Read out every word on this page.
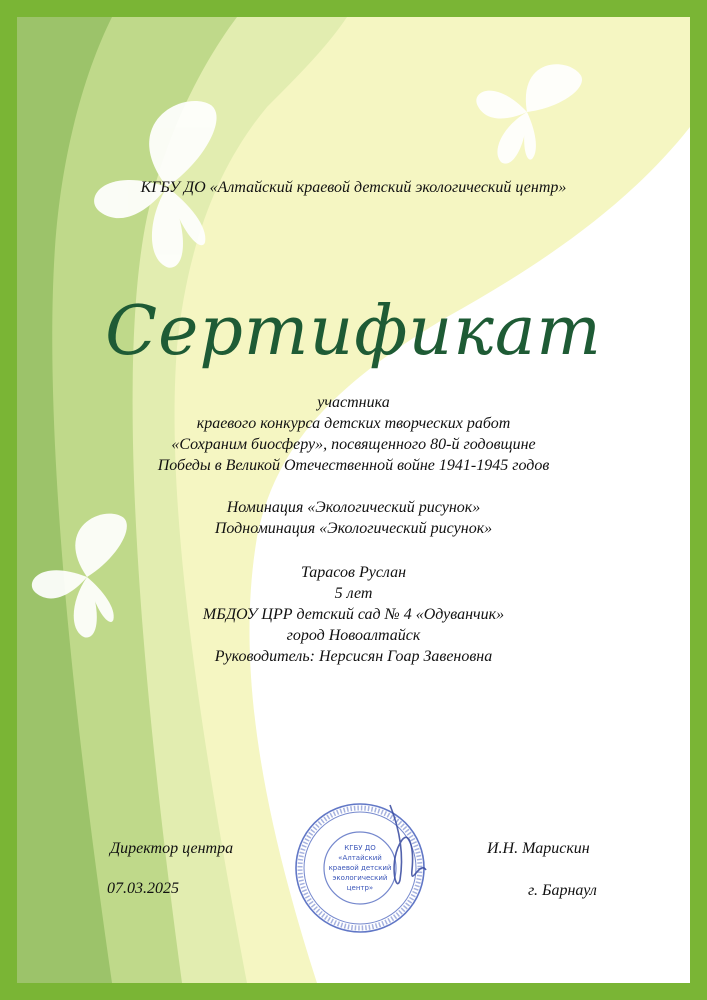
КГБУ ДО «Алтайский краевой детский экологический центр»
Сертификат
участника
краевого конкурса детских творческих работ
«Сохраним биосферу», посвященного 80-й годовщине
Победы в Великой Отечественной войне 1941-1945 годов
Номинация «Экологический рисунок»
Подноминация «Экологический рисунок»
Тарасов Руслан
5 лет
МБДОУ ЦРР детский сад № 4 «Одуванчик»
город Новоалтайск
Руководитель: Нерсисян Гоар Завеновна
КГБУ ДО
«Алтайский
краевой детский
экологический
центр»
Директор центра	И.Н. Марискин
07.03.2025	г. Барнаул
